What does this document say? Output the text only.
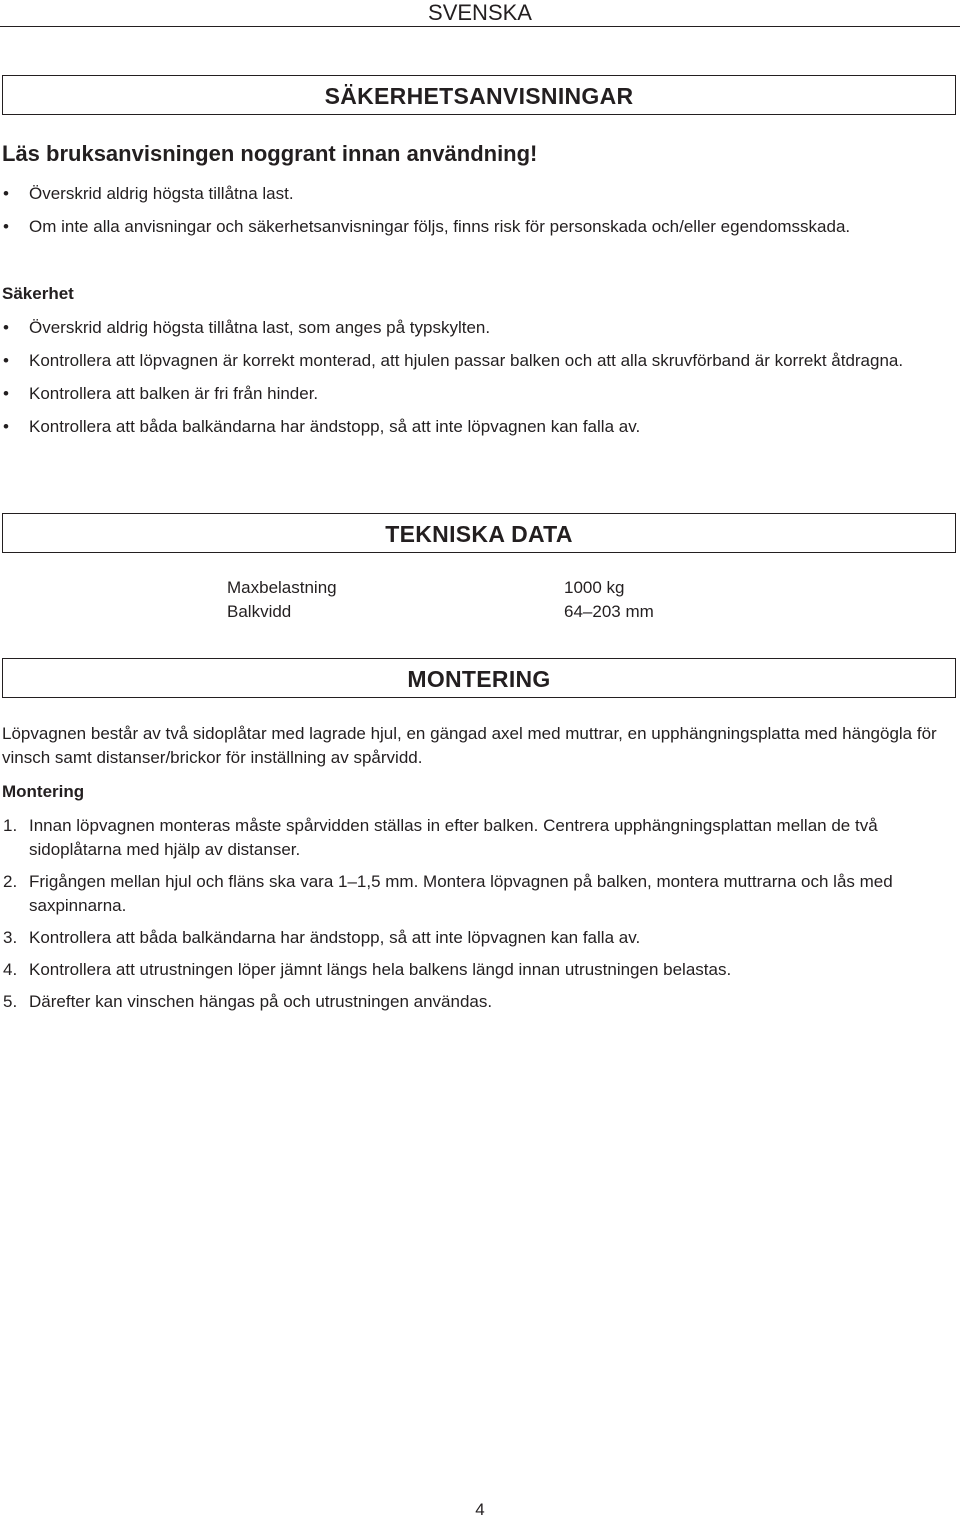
SVENSKA
SÄKERHETSANVISNINGAR
Läs bruksanvisningen noggrant innan användning!
• Överskrid aldrig högsta tillåtna last.
• Om inte alla anvisningar och säkerhetsanvisningar följs, finns risk för personskada och/eller egendomsskada.
Säkerhet
• Överskrid aldrig högsta tillåtna last, som anges på typskylten.
• Kontrollera att löpvagnen är korrekt monterad, att hjulen passar balken och att alla skruvförband är korrekt åtdragna.
• Kontrollera att balken är fri från hinder.
• Kontrollera att båda balkändarna har ändstopp, så att inte löpvagnen kan falla av.
TEKNISKA DATA
Maxbelastning	1000 kg
Balkvidd	64–203 mm
MONTERING
Löpvagnen består av två sidoplåtar med lagrade hjul, en gängad axel med muttrar, en upphängningsplatta med hängögla för vinsch samt distanser/brickor för inställning av spårvidd.
Montering
1. Innan löpvagnen monteras måste spårvidden ställas in efter balken. Centrera upphängningsplattan mellan de två sidoplåtarna med hjälp av distanser.
2. Frigången mellan hjul och fläns ska vara 1–1,5 mm. Montera löpvagnen på balken, montera muttrarna och lås med saxpinnarna.
3. Kontrollera att båda balkändarna har ändstopp, så att inte löpvagnen kan falla av.
4. Kontrollera att utrustningen löper jämnt längs hela balkens längd innan utrustningen belastas.
5. Därefter kan vinschen hängas på och utrustningen användas.
4
